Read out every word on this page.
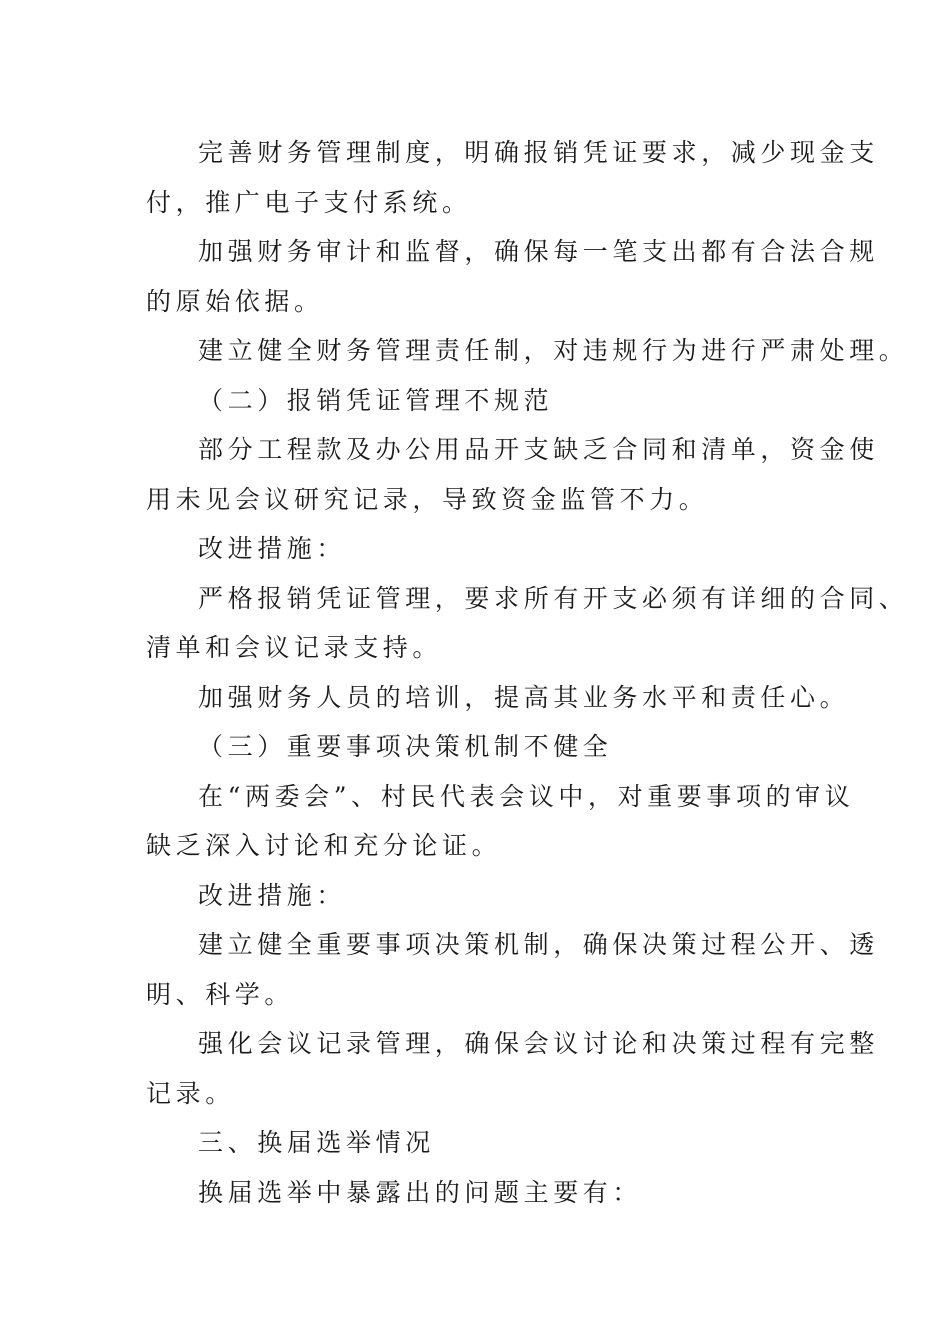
完善财务管理制度，明确报销凭证要求，减少现金支

付，推广电子支付系统。

加强财务审计和监督，确保每一笔支出都有合法合规

的原始依据。

建立健全财务管理责任制，对违规行为进行严肃处理。

（二）报销凭证管理不规范

部分工程款及办公用品开支缺乏合同和清单，资金使

用未见会议研究记录，导致资金监管不力。

改进措施：

严格报销凭证管理，要求所有开支必须有详细的合同、

清单和会议记录支持。

加强财务人员的培训，提高其业务水平和责任心。

（三）重要事项决策机制不健全

在“两委会”、村民代表会议中，对重要事项的审议

缺乏深入讨论和充分论证。

改进措施：

建立健全重要事项决策机制，确保决策过程公开、透

明、科学。

强化会议记录管理，确保会议讨论和决策过程有完整

记录。

三、换届选举情况

换届选举中暴露出的问题主要有：
